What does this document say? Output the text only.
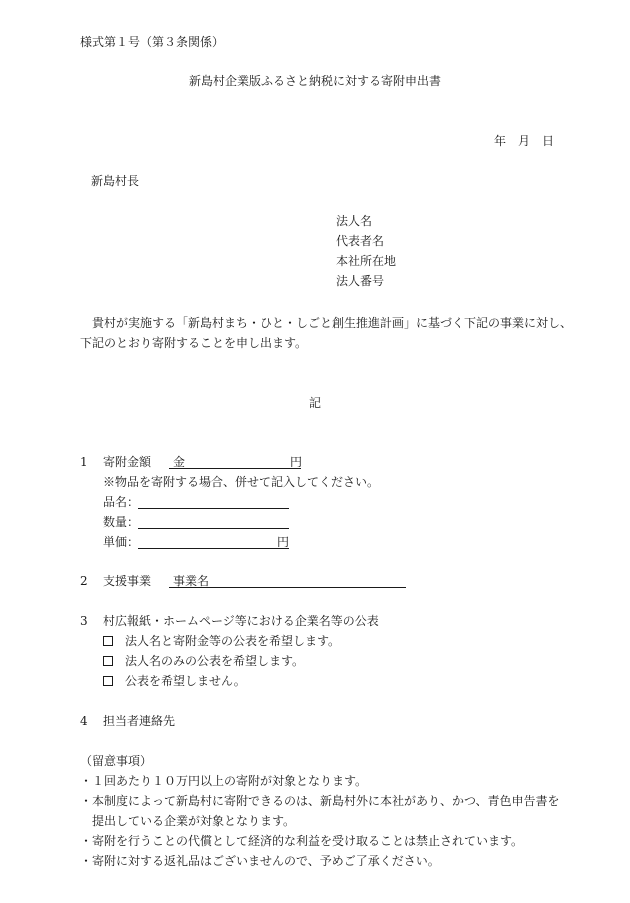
様式第１号（第３条関係）
新島村企業版ふるさと納税に対する寄附申出書
年　月　日
新島村長
法人名
代表者名
本社所在地
法人番号
貴村が実施する「新島村まち・ひと・しごと創生推進計画」に基づく下記の事業に対し、
下記のとおり寄附することを申し出ます。
記
1 寄附金額 金	円
※物品を寄附する場合、併せて記入してください。
品名：
数量：
単価：	円
2 支援事業 事業名
3 村広報紙・ホームページ等における企業名等の公表
法人名と寄附金等の公表を希望します。
法人名のみの公表を希望します。
公表を希望しません。
4 担当者連絡先
（留意事項）
・１回あたり１０万円以上の寄附が対象となります。
・本制度によって新島村に寄附できるのは、新島村外に本社があり、かつ、青色申告書を
提出している企業が対象となります。
・寄附を行うことの代償として経済的な利益を受け取ることは禁止されています。
・寄附に対する返礼品はございませんので、予めご了承ください。
